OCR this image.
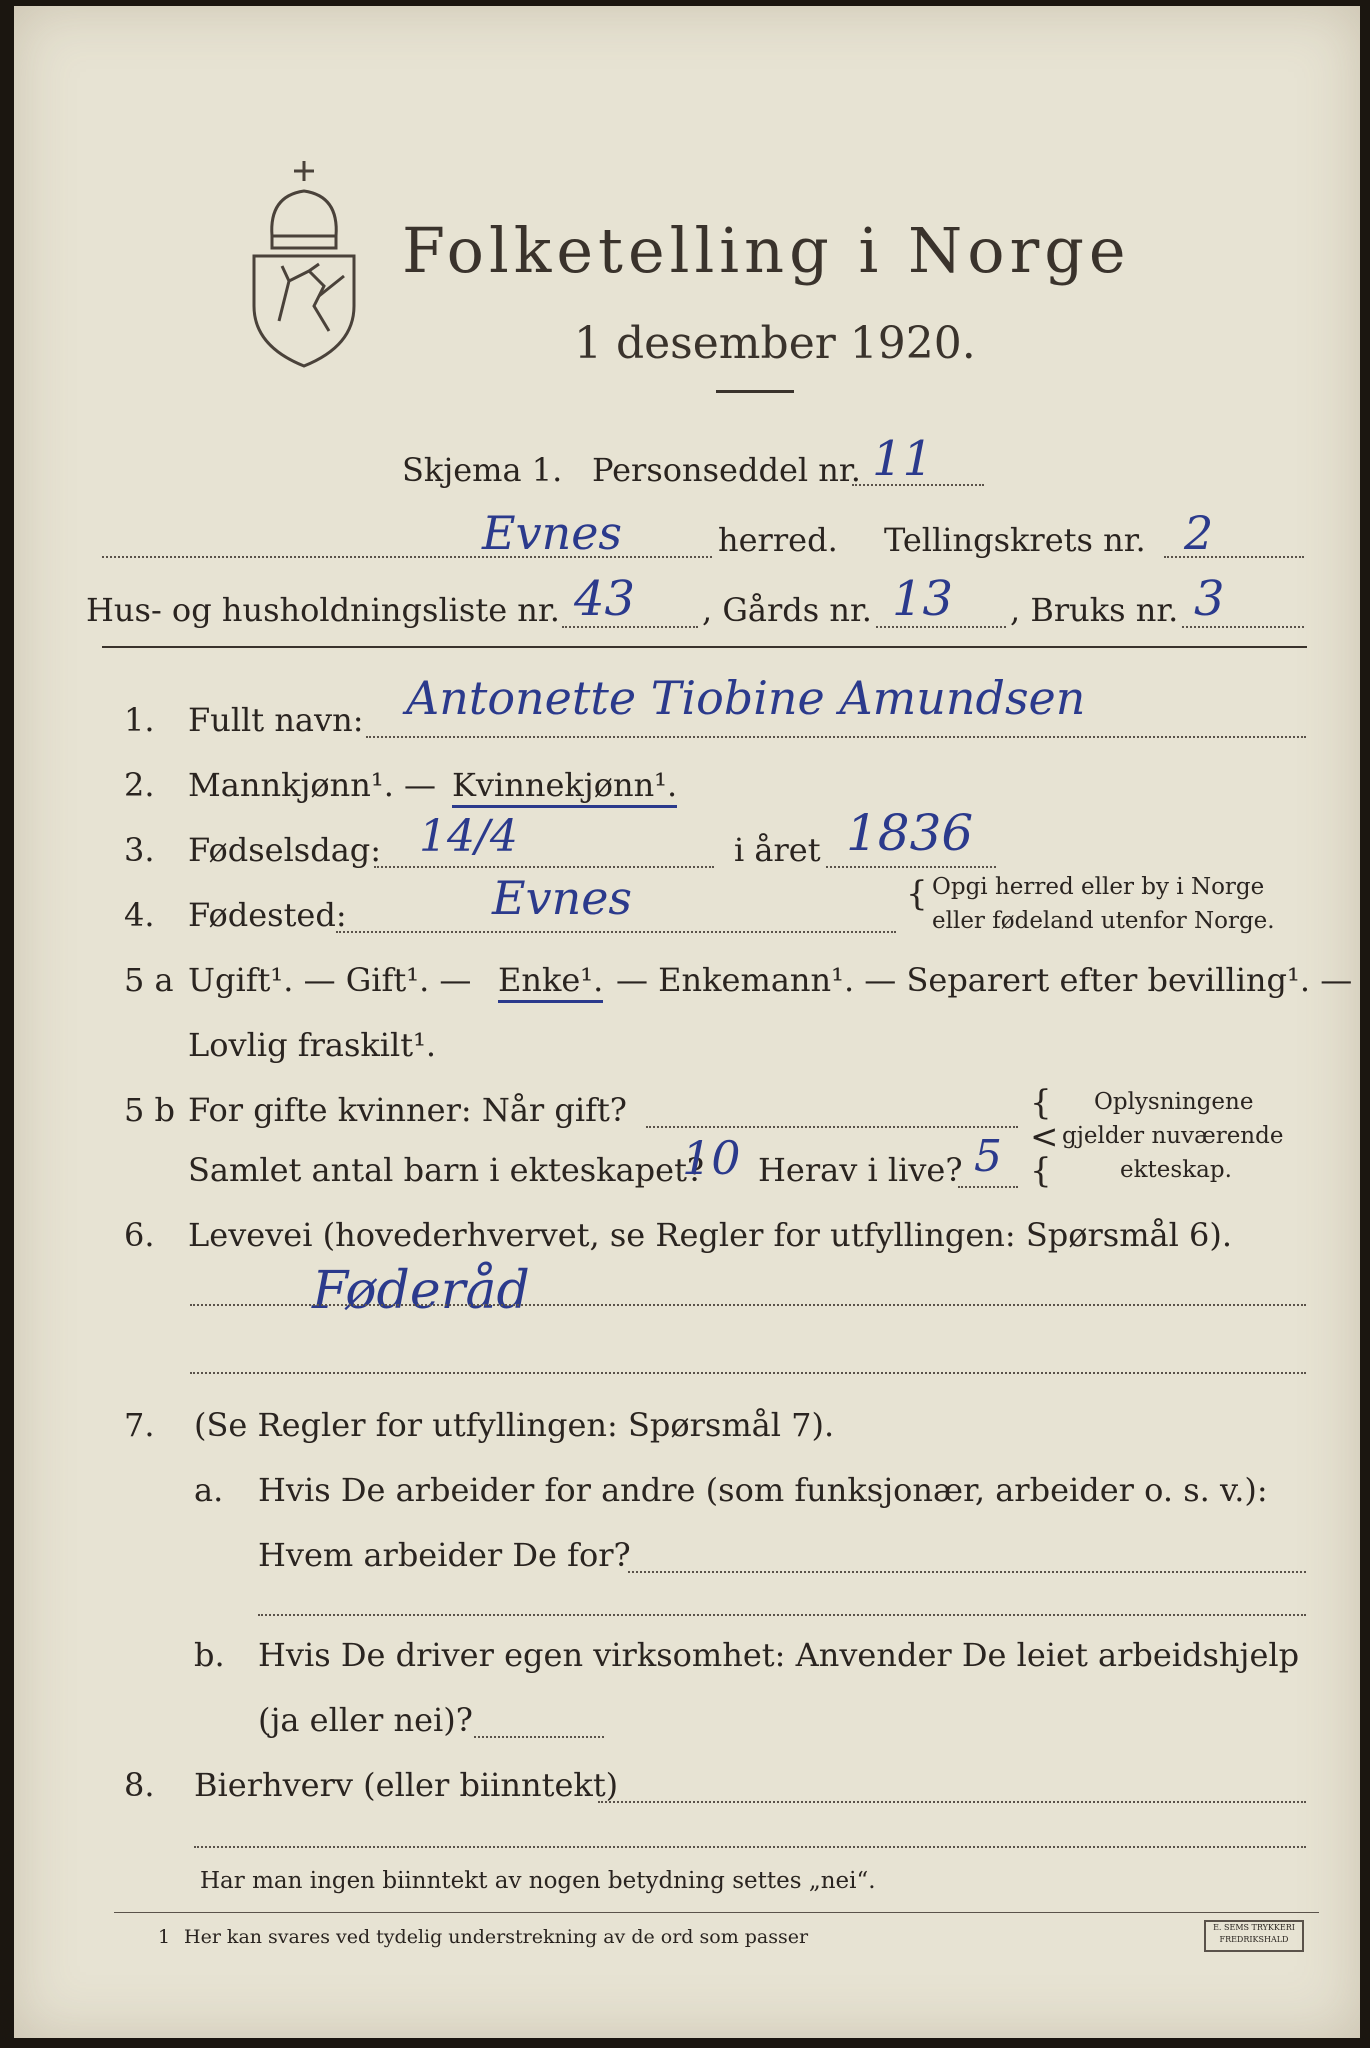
Folketelling i Norge
1 desember 1920.
Skjema 1. Personseddel nr. 11
Evnes	herred. Tellingskrets nr. 2
Hus- og husholdningsliste nr. 43 , Gårds nr. 13 , Bruks nr. 3
1. Fullt navn: Antonette Tiobine Amundsen
2. Mannkjønn¹. — Kvinnekjønn¹.
3. Fødselsdag: 14/4	i året 1836
4. Fødested:	Evnes	{ Opgi herred eller by i Norge
eller fødeland utenfor Norge.
5 a Ugift¹. — Gift¹. — Enke¹. — Enkemann¹. — Separert efter bevilling¹. —
Lovlig fraskilt¹.
5 b For gifte kvinner: Når gift?
Samlet antal barn i ekteskapet?
10 Herav i live? 5
{
<
{
Oplysningene
gjelder nuværende
ekteskap.
6. Levevei (hovederhvervet, se Regler for utfyllingen: Spørsmål 6).
Føderåd
7. (Se Regler for utfyllingen: Spørsmål 7).
a. Hvis De arbeider for andre (som funksjonær, arbeider o. s. v.):
Hvem arbeider De for?
b. Hvis De driver egen virksomhet: Anvender De leiet arbeidshjelp
(ja eller nei)?
8. Bierhverv (eller biinntekt)
Har man ingen biinntekt av nogen betydning settes „nei“.
1 Her kan svares ved tydelig understrekning av de ord som passer	E. SEMS TRYKKERI
FREDRIKSHALD
